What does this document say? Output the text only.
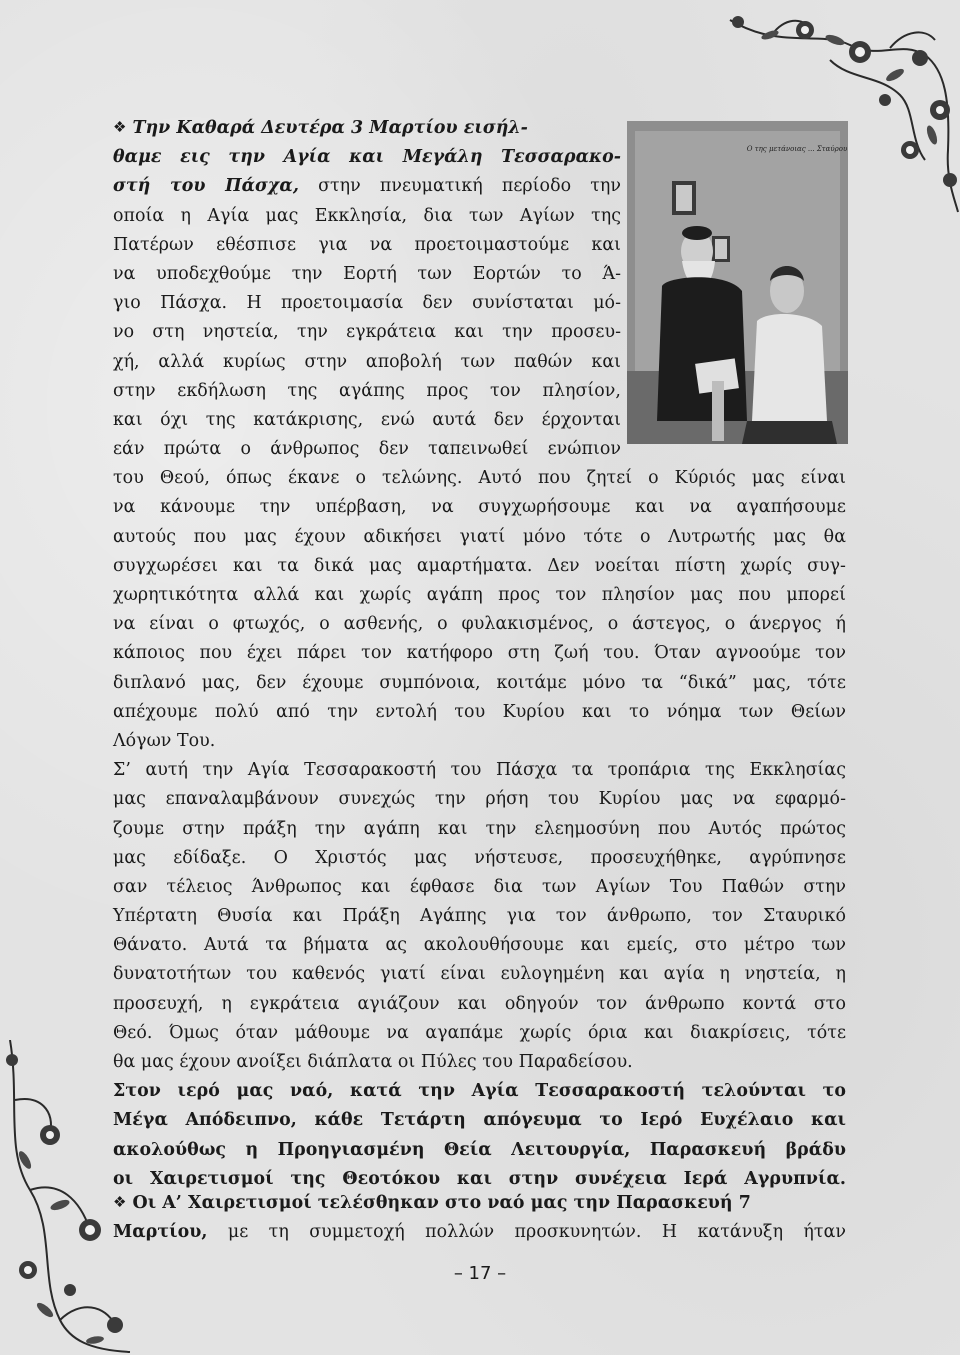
Ο της μετάνοιας ... Σταύρου
❖ Την Καθαρά Δευτέρα 3 Μαρτίου εισήλ-
θαμε εις την Αγία και Μεγάλη Τεσσαρακο-
στή του Πάσχα, στην πνευματική περίοδο την
οποία η Αγία μας Εκκλησία, δια των Αγίων της
Πατέρων εθέσπισε για να προετοιμαστούμε και
να υποδεχθούμε την Εορτή των Εορτών το Ά-
γιο Πάσχα. Η προετοιμασία δεν συνίσταται μό-
νο στη νηστεία, την εγκράτεια και την προσευ-
χή, αλλά κυρίως στην αποβολή των παθών και
στην εκδήλωση της αγάπης προς τον πλησίον,
και όχι της κατάκρισης, ενώ αυτά δεν έρχονται
εάν πρώτα ο άνθρωπος δεν ταπεινωθεί ενώπιον
του Θεού, όπως έκανε ο τελώνης. Αυτό που ζητεί ο Κύριός μας είναι
να κάνουμε την υπέρβαση, να συγχωρήσουμε και να αγαπήσουμε
αυτούς που μας έχουν αδικήσει γιατί μόνο τότε ο Λυτρωτής μας θα
συγχωρέσει και τα δικά μας αμαρτήματα. Δεν νοείται πίστη χωρίς συγ-
χωρητικότητα αλλά και χωρίς αγάπη προς τον πλησίον μας που μπορεί
να είναι ο φτωχός, ο ασθενής, ο φυλακισμένος, ο άστεγος, ο άνεργος ή
κάποιος που έχει πάρει τον κατήφορο στη ζωή του. Όταν αγνοούμε τον
διπλανό μας, δεν έχουμε συμπόνοια, κοιτάμε μόνο τα “δικά” μας, τότε
απέχουμε πολύ από την εντολή του Κυρίου και το νόημα των Θείων
Λόγων Του.
Σ’ αυτή την Αγία Τεσσαρακοστή του Πάσχα τα τροπάρια της Εκκλησίας
μας επαναλαμβάνουν συνεχώς την ρήση του Κυρίου μας να εφαρμό-
ζουμε στην πράξη την αγάπη και την ελεημοσύνη που Αυτός πρώτος
μας εδίδαξε. Ο Χριστός μας νήστευσε, προσευχήθηκε, αγρύπνησε
σαν τέλειος Άνθρωπος και έφθασε δια των Αγίων Του Παθών στην
Υπέρτατη Θυσία και Πράξη Αγάπης για τον άνθρωπο, τον Σταυρικό
Θάνατο. Αυτά τα βήματα ας ακολουθήσουμε και εμείς, στο μέτρο των
δυνατοτήτων του καθενός γιατί είναι ευλογημένη και αγία η νηστεία, η
προσευχή, η εγκράτεια αγιάζουν και οδηγούν τον άνθρωπο κοντά στο
Θεό. Όμως όταν μάθουμε να αγαπάμε χωρίς όρια και διακρίσεις, τότε
θα μας έχουν ανοίξει διάπλατα οι Πύλες του Παραδείσου.
Στον ιερό μας ναό, κατά την Αγία Τεσσαρακοστή τελούνται το
Μέγα Απόδειπνο, κάθε Τετάρτη απόγευμα το Ιερό Ευχέλαιο και
ακολούθως η Προηγιασμένη Θεία Λειτουργία, Παρασκευή βράδυ
οι Χαιρετισμοί της Θεοτόκου και στην συνέχεια Ιερά Αγρυπνία.
❖ Οι Α’ Χαιρετισμοί τελέσθηκαν στο ναό μας την Παρασκευή 7
Μαρτίου, με τη συμμετοχή πολλών προσκυνητών. Η κατάνυξη ήταν
– 17 –
